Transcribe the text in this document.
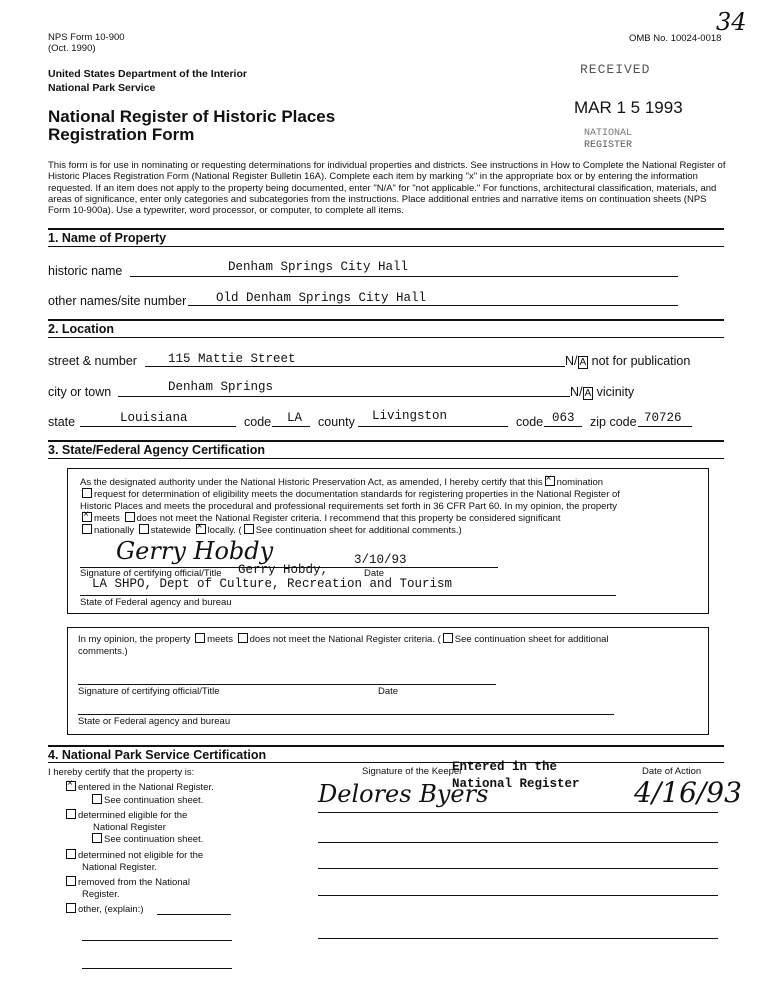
NPS Form 10-900
(Oct. 1990)
OMB No. 10024-0018
34
United States Department of the Interior
National Park Service
National Register of Historic Places
Registration Form
RECEIVED
MAR 1 5 1993
NATIONAL
REGISTER
This form is for use in nominating or requesting determinations for individual properties and districts. See instructions in How to Complete the National Register of Historic Places Registration Form (National Register Bulletin 16A). Complete each item by marking "x" in the appropriate box or by entering the information requested. If an item does not apply to the property being documented, enter "N/A" for "not applicable." For functions, architectural classification, materials, and areas of significance, enter only categories and subcategories from the instructions. Place additional entries and narrative items on continuation sheets (NPS Form 10-900a). Use a typewriter, word processor, or computer, to complete all items.
1. Name of Property
historic name	Denham Springs City Hall
other names/site number Old Denham Springs City Hall
2. Location
street & number 115 Mattie Street	N/ A not for publication
city or town	Denham Springs	N/ A vicinity
state	Louisiana	code LA county Livingston	code 063 zip code 70726
3. State/Federal Agency Certification
As the designated authority under the National Historic Preservation Act, as amended, I hereby certify that this × nomination
request for determination of eligibility meets the documentation standards for registering properties in the National Register of
Historic Places and meets the procedural and professional requirements set forth in 36 CFR Part 60. In my opinion, the property
×meets does not meet the National Register criteria. I recommend that this property be considered significant
nationally statewide × locally. ( See continuation sheet for additional comments.)
Gerry Hobdy	3/10/93
Signature of certifying official/Title Gerry Hobdy,	Date
LA SHPO, Dept of Culture, Recreation and Tourism
State of Federal agency and bureau
In my opinion, the property meets does not meet the National Register criteria. ( See continuation sheet for additional
comments.)
Signature of certifying official/Title	Date
State or Federal agency and bureau
4. National Park Service Certification
I hereby certify that the property is:	Signature of the Keeper	Date of Action
Entered in the
National Register
Delores Byers	4/16/93
×entered in the National Register.
See continuation sheet.
determined eligible for the
National Register
See continuation sheet.
determined not eligible for the
National Register.
removed from the National
Register.
other, (explain:)
